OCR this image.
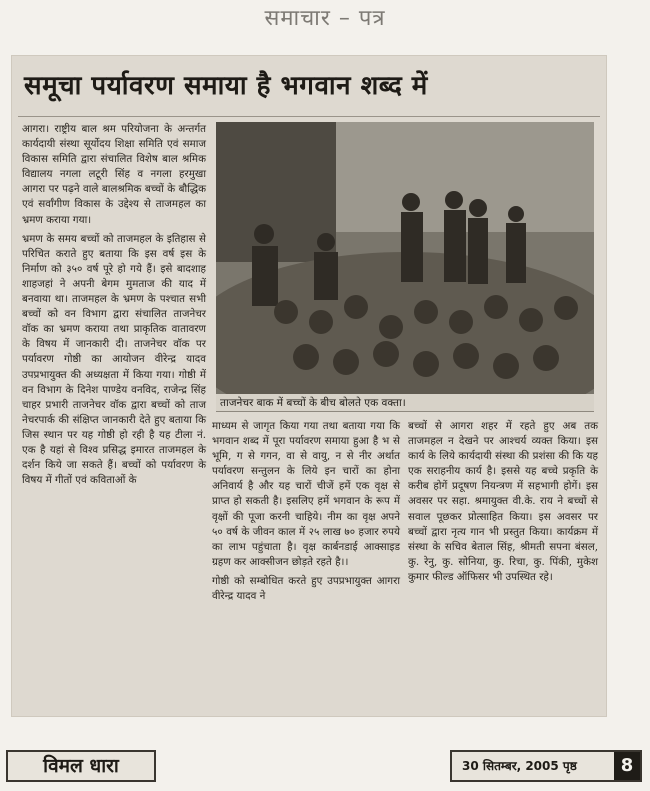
समाचार – पत्र
समूचा पर्यावरण समाया है भगवान शब्द में

आगरा। राष्ट्रीय बाल श्रम परियोजना के अन्तर्गत कार्यदायी संस्था सूर्योदय शिक्षा समिति एवं समाज विकास समिति द्वारा संचालित विशेष बाल श्रमिक विद्यालय नगला लटूरी सिंह व नगला हरमुखा आगरा पर पढ़ने वाले बालश्रमिक बच्चों के बौद्धिक एवं सर्वांगीण विकास के उद्देश्य से ताजमहल का भ्रमण कराया गया।

भ्रमण के समय बच्चों को ताजमहल के इतिहास से परिचित कराते हुए बताया कि इस वर्ष इस के निर्माण को ३५० वर्ष पूरे हो गये हैं। इसे बादशाह शाहजहां ने अपनी बेगम मुमताज की याद में बनवाया था। ताजमहल के भ्रमण के पश्चात सभी बच्चों को वन विभाग द्वारा संचालित ताजनेचर वॉक का भ्रमण कराया तथा प्राकृतिक वातावरण के विषय में जानकारी दी। ताजनेचर वॉक पर पर्यावरण गोष्ठी का आयोजन वीरेन्द्र यादव उपप्रभायुक्त की अध्यक्षता में किया गया। गोष्ठी में वन विभाग के दिनेश पाण्डेय वनविद, राजेन्द्र सिंह चाहर प्रभारी ताजनेचर वॉक द्वारा बच्चों को ताज नेचरपार्क की संक्षिप्त जानकारी देते हुए बताया कि जिस स्थान पर यह गोष्ठी हो रही है यह टीला नं. एक है यहां से विश्व प्रसिद्ध इमारत ताजमहल के दर्शन किये जा सकते हैं। बच्चों को पर्यावरण के विषय में गीतों एवं कविताओं के

ताजनेचर बाक में बच्चों के बीच बोलते एक वक्ता।

माध्यम से जागृत किया गया तथा बताया गया कि भगवान शब्द में पूरा पर्यावरण समाया हुआ है भ से भूमि, ग से गगन, वा से वायु, न से नीर अर्थात पर्यावरण सन्तुलन के लिये इन चारों का होना अनिवार्य है और यह चारों चीजें हमें एक वृक्ष से प्राप्त हो सकती है। इसलिए हमें भगवान के रूप में वृक्षों की पूजा करनी चाहिये। नीम का वृक्ष अपने ५० वर्ष के जीवन काल में २५ लाख ७० हजार रुपये का लाभ पहुंचाता है। वृक्ष कार्बनडाई आक्साइड ग्रहण कर आक्सीजन छोड़ते रहते है।।

गोष्ठी को सम्बोधित करते हुए उपप्रभायुक्त आगरा वीरेन्द्र यादव ने

बच्चों से आगरा शहर में रहते हुए अब तक ताजमहल न देखने पर आश्चर्य व्यक्त किया। इस कार्य के लिये कार्यदायी संस्था की प्रशंसा की कि यह एक सराहनीय कार्य है। इससे यह बच्चे प्रकृति के करीब होगें प्रदूषण नियन्त्रण में सहभागी होगें। इस अवसर पर सहा. श्रमायुक्त वी.के. राय ने बच्चों से सवाल पूछकर प्रोत्साहित किया। इस अवसर पर बच्चों द्वारा नृत्य गान भी प्रस्तुत किया। कार्यक्रम में संस्था के सचिव बेताल सिंह, श्रीमती सपना बंसल, कु. रेनु, कु. सोनिया, कु. रिचा, कु. पिंकी, मुकेश कुमार फील्ड ऑफिसर भी उपस्थित रहे।

विमल धारा	30 सितम्बर, 2005 पृष्ठ	8
